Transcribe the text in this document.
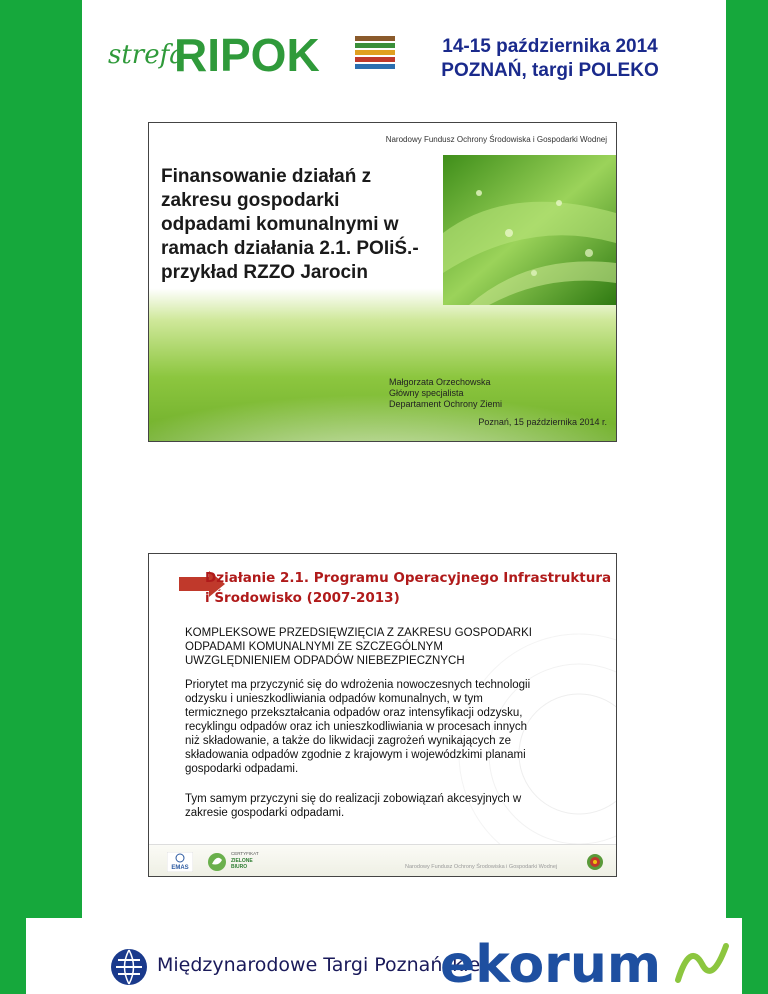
strefa
RIPOK	14-15 października 2014
POZNAŃ, targi POLEKO
Narodowy Fundusz Ochrony Środowiska i Gospodarki Wodnej
Finansowanie działań z
zakresu gospodarki
odpadami komunalnymi w
ramach działania 2.1. POIiŚ.-
przykład RZZO Jarocin
Małgorzata Orzechowska
Główny specjalista
Departament Ochrony Ziemi
Poznań, 15 października 2014 r.
Działanie 2.1. Programu Operacyjnego Infrastruktura
i Środowisko (2007-2013)
KOMPLEKSOWE PRZEDSIĘWZIĘCIA Z ZAKRESU GOSPODARKI
ODPADAMI KOMUNALNYMI ZE SZCZEGÓLNYM
UWZGLĘDNIENIEM ODPADÓW NIEBEZPIECZNYCH
Priorytet ma przyczynić się do wdrożenia nowoczesnych technologii
odzysku i unieszkodliwiania odpadów komunalnych, w tym
termicznego przekształcania odpadów oraz intensyfikacji odzysku,
recyklingu odpadów oraz ich unieszkodliwiania w procesach innych
niż składowanie, a także do likwidacji zagrożeń wynikających ze
składowania odpadów zgodnie z krajowym i wojewódzkimi planami
gospodarki odpadami.
Tym samym przyczyni się do realizacji zobowiązań akcesyjnych w
zakresie gospodarki odpadami.
EMAS
CERTYFIKAT
ZIELONE
BIURO	Narodowy Fundusz Ochrony Środowiska i Gospodarki Wodnej
Międzynarodowe Targi Poznańskie
ekorum
